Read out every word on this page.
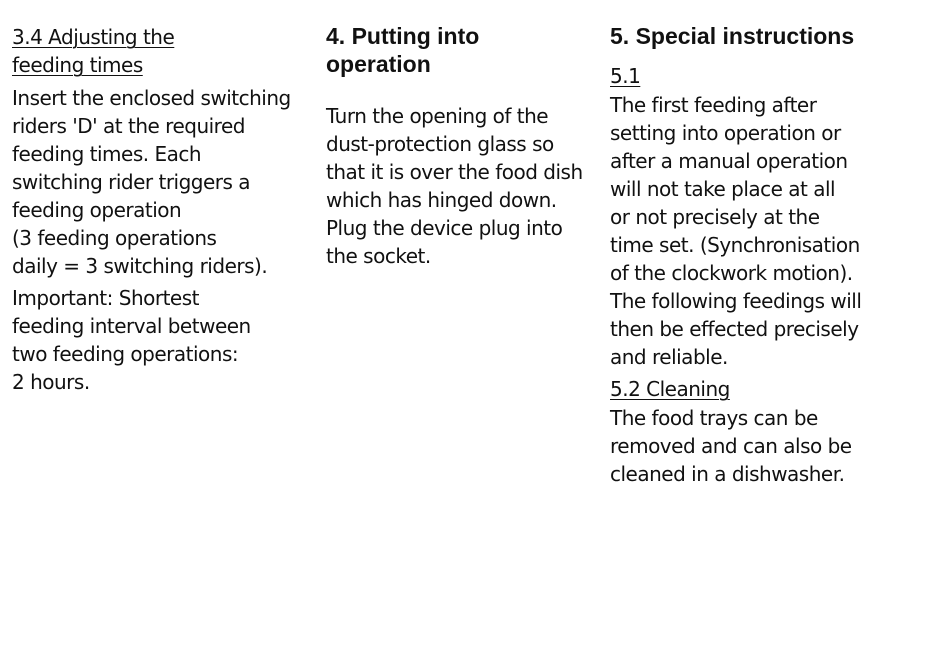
3.4 Adjusting the
feeding times
Insert the enclosed switching
riders 'D' at the required
feeding times. Each
switching rider triggers a
feeding operation
(3 feeding operations
daily = 3 switching riders).
Important: Shortest
feeding interval between
two feeding operations:
2 hours.
4. Putting into
operation
Turn the opening of the
dust-protection glass so
that it is over the food dish
which has hinged down.
Plug the device plug into
the socket.
5. Special instructions
5.1
The first feeding after
setting into operation or
after a manual operation
will not take place at all
or not precisely at the
time set. (Synchronisation
of the clockwork motion).
The following feedings will
then be effected precisely
and reliable.
5.2 Cleaning
The food trays can be
removed and can also be
cleaned in a dishwasher.
